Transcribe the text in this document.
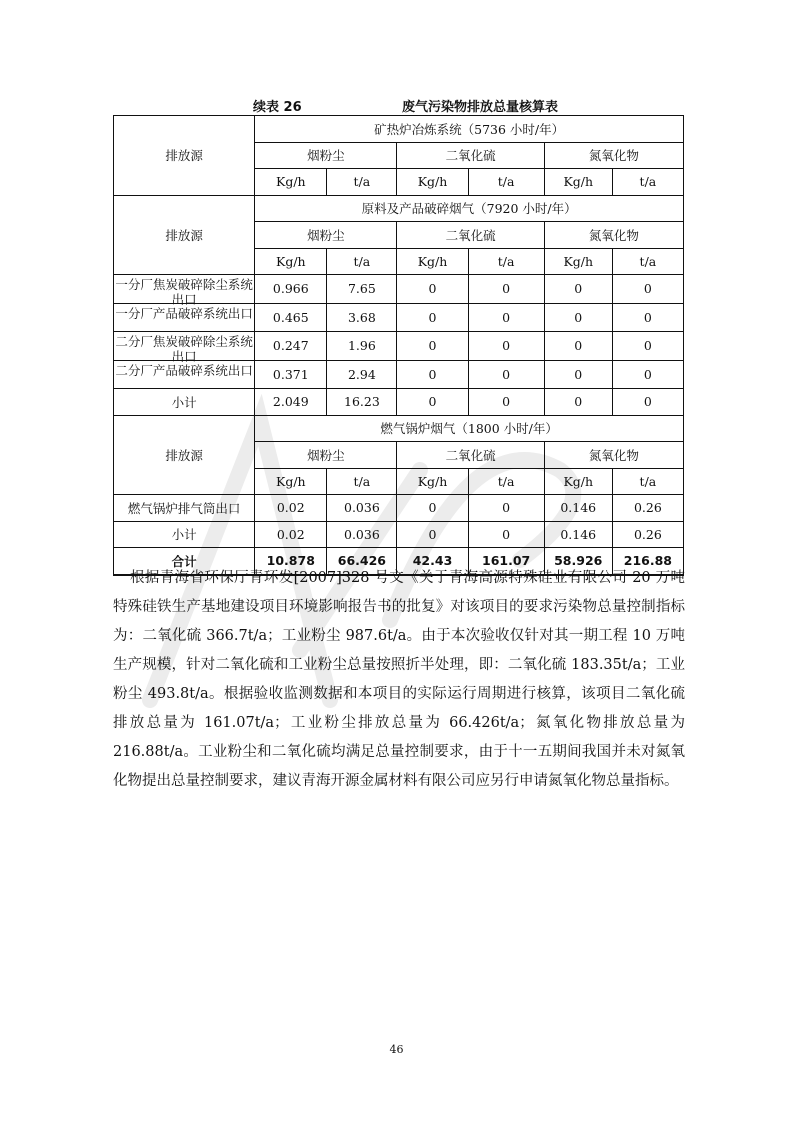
续表 26	废气污染物排放总量核算表
排放源	矿热炉冶炼系统（5736 小时/年）					
	烟粉尘		二氧化硫		氮氧化物	
	Kg/h	t/a	Kg/h	t/a	Kg/h	t/a
排放源	原料及产品破碎烟气（7920 小时/年）					
	烟粉尘		二氧化硫		氮氧化物	
	Kg/h	t/a	Kg/h	t/a	Kg/h	t/a

一分厂焦炭破碎除尘系统出口	0.966	7.65	0	0	0	0

一分厂产品破碎系统出口	0.465	3.68	0	0	0	0

二分厂焦炭破碎除尘系统出口	0.247	1.96	0	0	0	0

二分厂产品破碎系统出口	0.371	2.94	0	0	0	0

小计	2.049	16.23	0	0	0	0
排放源	燃气锅炉烟气（1800 小时/年）					
	烟粉尘		二氧化硫		氮氧化物	
	Kg/h	t/a	Kg/h	t/a	Kg/h	t/a

燃气锅炉排气筒出口	0.02	0.036	0	0	0.146	0.26

小计	0.02	0.036	0	0	0.146	0.26
合计	10.878	66.426	42.43	161.07	58.926	216.88
根据青海省环保厅青环发[2007]328 号文《关于青海高源特殊硅业有限公司 20 万吨特殊硅铁生产基地建设项目环境影响报告书的批复》对该项目的要求污染物总量控制指标为：二氧化硫 366.7t/a；工业粉尘 987.6t/a。由于本次验收仅针对其一期工程 10 万吨生产规模，针对二氧化硫和工业粉尘总量按照折半处理，即：二氧化硫 183.35t/a；工业粉尘 493.8t/a。根据验收监测数据和本项目的实际运行周期进行核算，该项目二氧化硫排放总量为 161.07t/a；工业粉尘排放总量为 66.426t/a；氮氧化物排放总量为 216.88t/a。工业粉尘和二氧化硫均满足总量控制要求，由于十一五期间我国并未对氮氧化物提出总量控制要求，建议青海开源金属材料有限公司应另行申请氮氧化物总量指标。
46
